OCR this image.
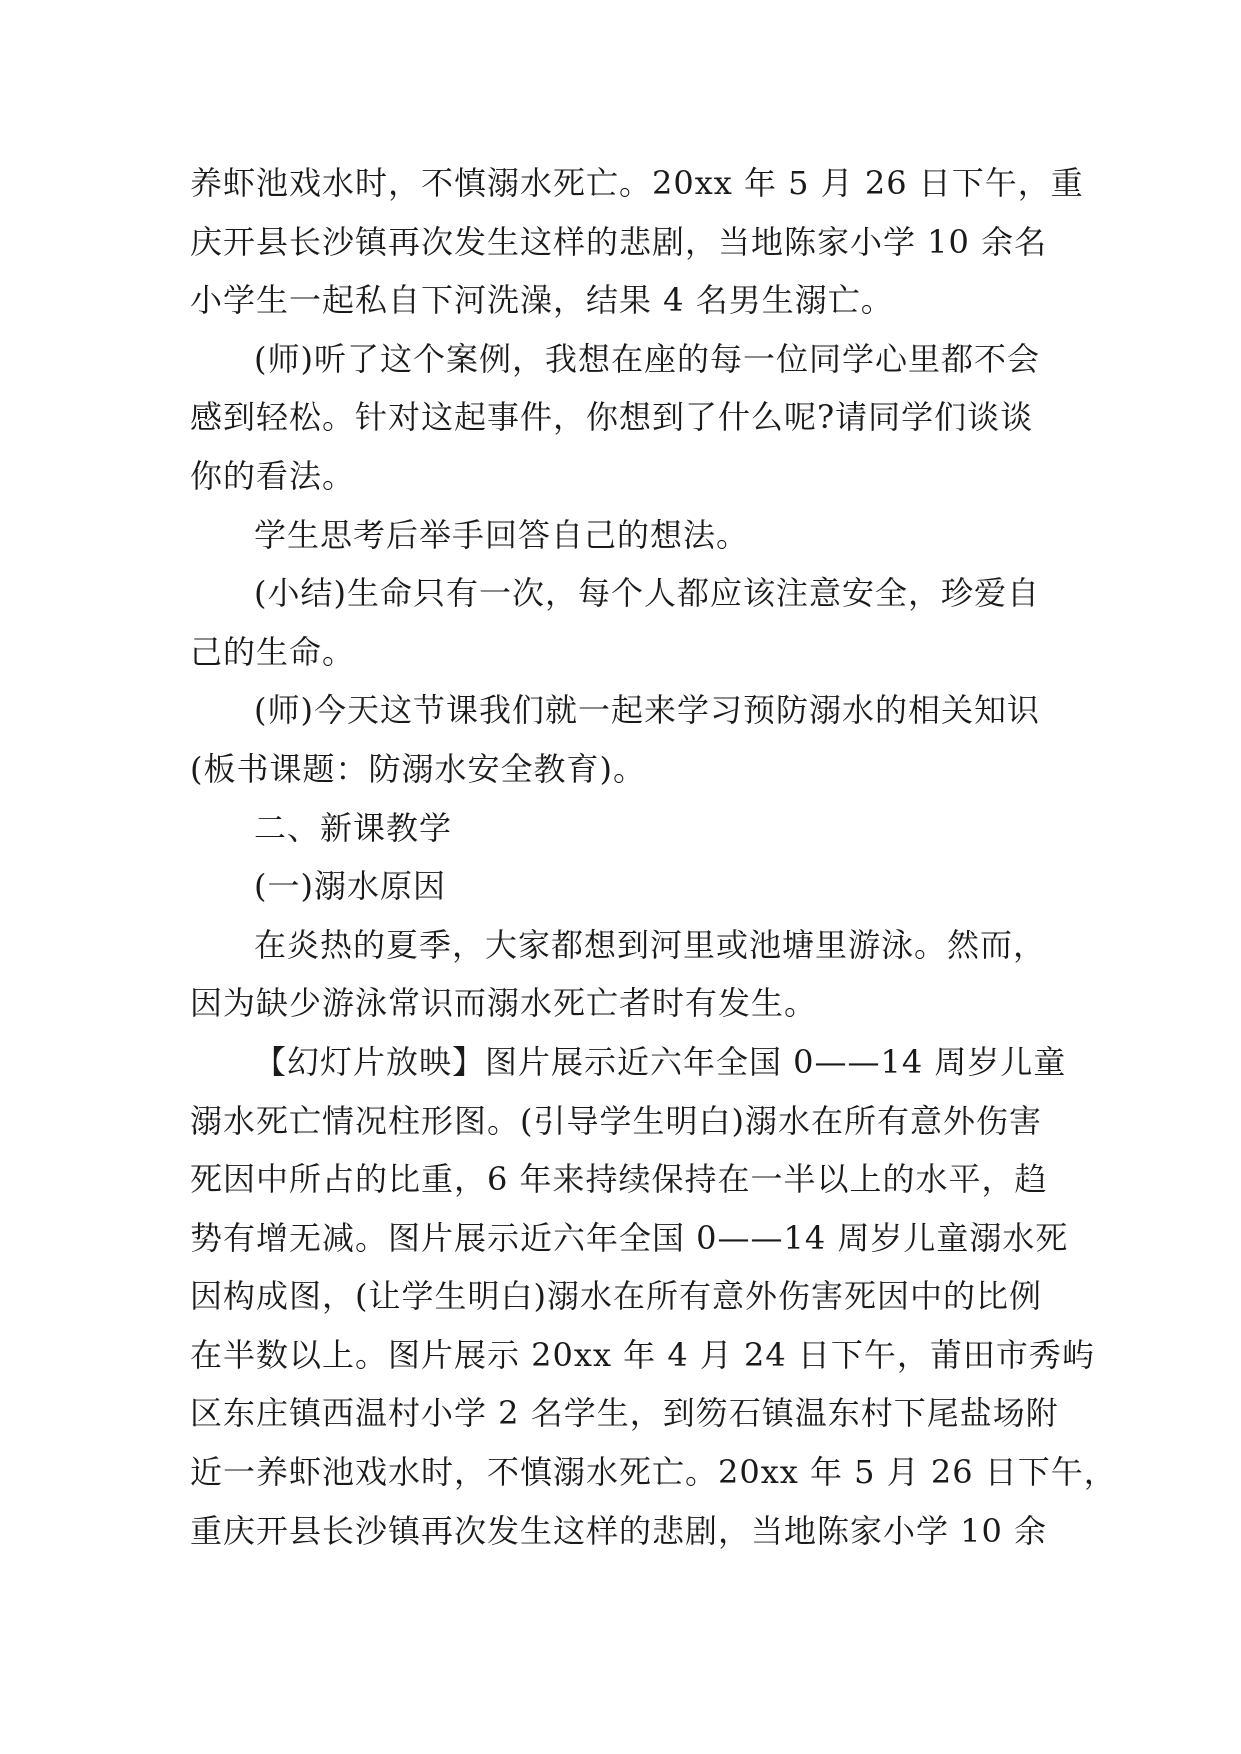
养虾池戏水时，不慎溺水死亡。20xx 年 5 月 26 日下午，重
庆开县长沙镇再次发生这样的悲剧，当地陈家小学 10 余名
小学生一起私自下河洗澡，结果 4 名男生溺亡。

(师)听了这个案例，我想在座的每一位同学心里都不会
感到轻松。针对这起事件，你想到了什么呢?请同学们谈谈
你的看法。

学生思考后举手回答自己的想法。

(小结)生命只有一次，每个人都应该注意安全，珍爱自
己的生命。

(师)今天这节课我们就一起来学习预防溺水的相关知识
(板书课题：防溺水安全教育)。

二、新课教学

(一)溺水原因

在炎热的夏季，大家都想到河里或池塘里游泳。然而，
因为缺少游泳常识而溺水死亡者时有发生。

【幻灯片放映】图片展示近六年全国 0——14 周岁儿童
溺水死亡情况柱形图。(引导学生明白)溺水在所有意外伤害
死因中所占的比重，6 年来持续保持在一半以上的水平，趋
势有增无减。图片展示近六年全国 0——14 周岁儿童溺水死
因构成图，(让学生明白)溺水在所有意外伤害死因中的比例
在半数以上。图片展示 20xx 年 4 月 24 日下午，莆田市秀屿
区东庄镇西温村小学 2 名学生，到笏石镇温东村下尾盐场附
近一养虾池戏水时，不慎溺水死亡。20xx 年 5 月 26 日下午，
重庆开县长沙镇再次发生这样的悲剧，当地陈家小学 10 余
